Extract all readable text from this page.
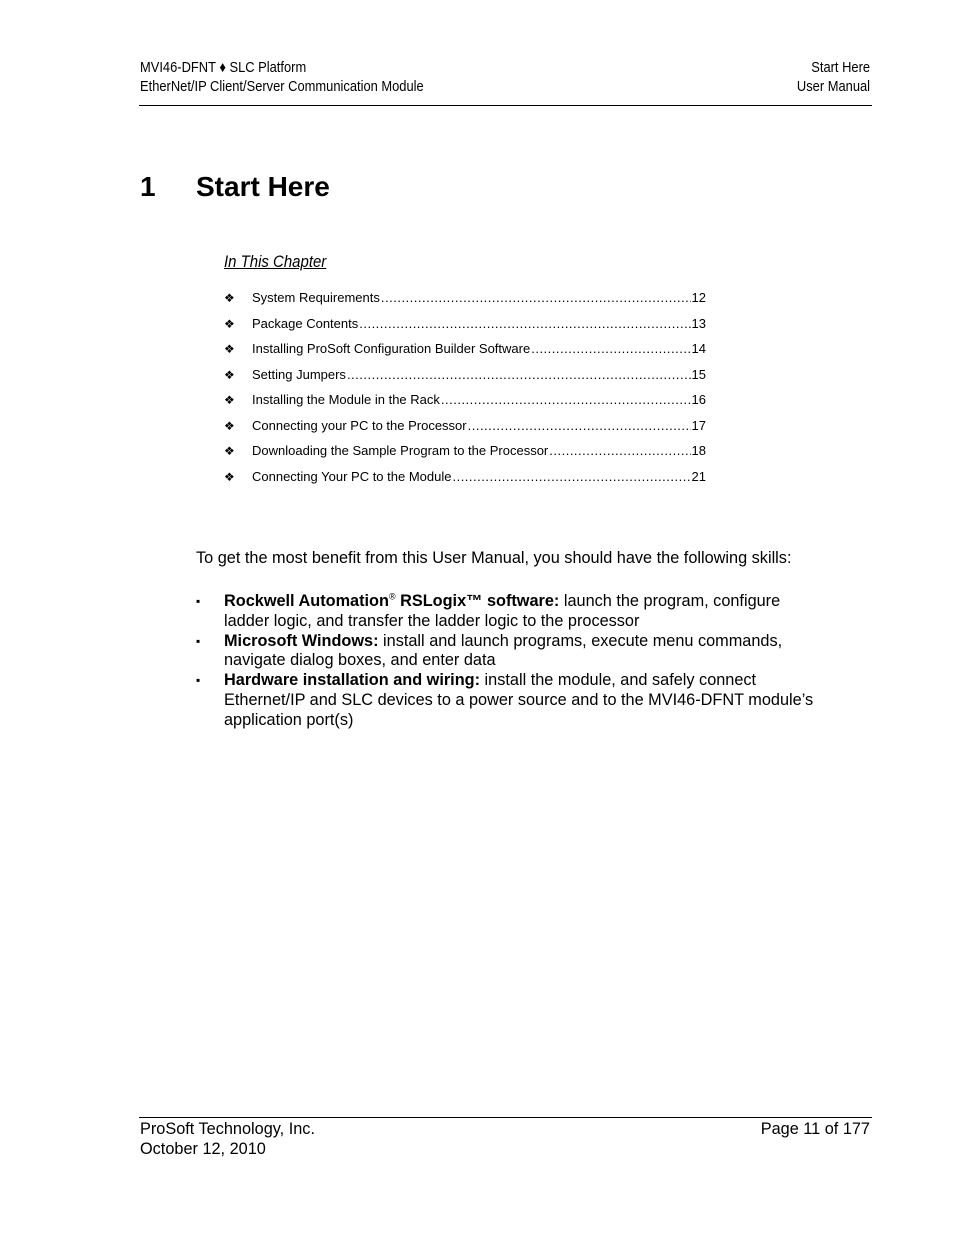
MVI46-DFNT ♦ SLC Platform
EtherNet/IP Client/Server Communication Module
Start Here
User Manual
1 Start Here
In This Chapter
❖	System Requirements .....	12
❖	Package Contents .....	13
❖	Installing ProSoft Configuration Builder Software .....	14
❖	Setting Jumpers .....	15
❖	Installing the Module in the Rack .....	16
❖	Connecting your PC to the Processor .....	17
❖	Downloading the Sample Program to the Processor .....	18
❖	Connecting Your PC to the Module .....	21
To get the most benefit from this User Manual, you should have the following skills:
▪ Rockwell Automation® RSLogix™ software: launch the program, configure ladder logic, and transfer the ladder logic to the processor
▪ Microsoft Windows: install and launch programs, execute menu commands, navigate dialog boxes, and enter data
▪ Hardware installation and wiring: install the module, and safely connect Ethernet/IP and SLC devices to a power source and to the MVI46-DFNT module’s application port(s)
ProSoft Technology, Inc.
October 12, 2010
Page 11 of 177
